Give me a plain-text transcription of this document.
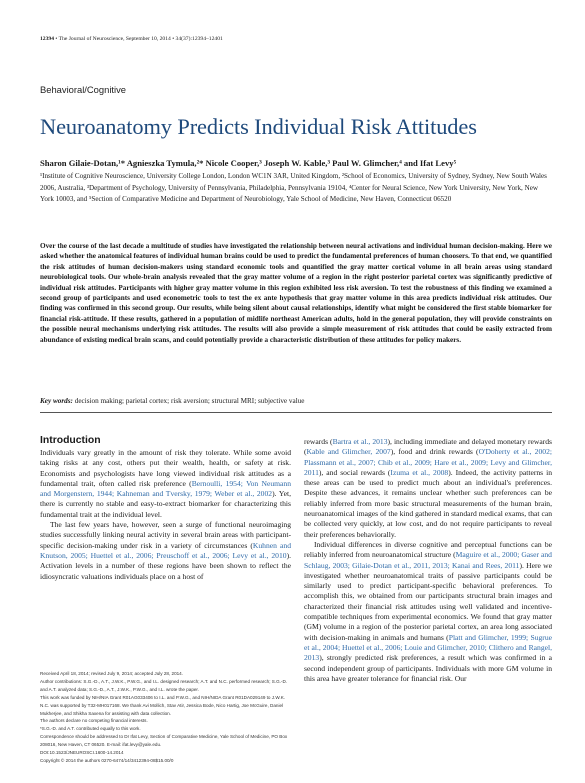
12394 • The Journal of Neuroscience, September 10, 2014 • 34(37):12394–12401
Behavioral/Cognitive
Neuroanatomy Predicts Individual Risk Attitudes
Sharon Gilaie-Dotan,¹* Agnieszka Tymula,²* Nicole Cooper,³ Joseph W. Kable,³ Paul W. Glimcher,⁴ and Ifat Levy⁵
¹Institute of Cognitive Neuroscience, University College London, London WC1N 3AR, United Kingdom, ²School of Economics, University of Sydney, Sydney, New South Wales 2006, Australia, ³Department of Psychology, University of Pennsylvania, Philadelphia, Pennsylvania 19104, ⁴Center for Neural Science, New York University, New York, New York 10003, and ⁵Section of Comparative Medicine and Department of Neurobiology, Yale School of Medicine, New Haven, Connecticut 06520
Over the course of the last decade a multitude of studies have investigated the relationship between neural activations and individual human decision-making. Here we asked whether the anatomical features of individual human brains could be used to predict the fundamental preferences of human choosers. To that end, we quantified the risk attitudes of human decision-makers using standard economic tools and quantified the gray matter cortical volume in all brain areas using standard neurobiological tools. Our whole-brain analysis revealed that the gray matter volume of a region in the right posterior parietal cortex was significantly predictive of individual risk attitudes. Participants with higher gray matter volume in this region exhibited less risk aversion. To test the robustness of this finding we examined a second group of participants and used econometric tools to test the ex ante hypothesis that gray matter volume in this area predicts individual risk attitudes. Our finding was confirmed in this second group. Our results, while being silent about causal relationships, identify what might be considered the first stable biomarker for financial risk-attitude. If these results, gathered in a population of midlife northeast American adults, hold in the general population, they will provide constraints on the possible neural mechanisms underlying risk attitudes. The results will also provide a simple measurement of risk attitudes that could be easily extracted from abundance of existing medical brain scans, and could potentially provide a characteristic distribution of these attitudes for policy makers.
Key words: decision making; parietal cortex; risk aversion; structural MRI; subjective value
Introduction

Individuals vary greatly in the amount of risk they tolerate. While some avoid taking risks at any cost, others put their wealth, health, or safety at risk. Economists and psychologists have long viewed individual risk attitudes as a fundamental trait, often called risk preference (Bernoulli, 1954; Von Neumann and Morgenstern, 1944; Kahneman and Tversky, 1979; Weber et al., 2002). Yet, there is currently no stable and easy-to-extract biomarker for characterizing this fundamental trait at the individual level.

The last few years have, however, seen a surge of functional neuroimaging studies successfully linking neural activity in several brain areas with participant-specific decision-making under risk in a variety of circumstances (Kuhnen and Knutson, 2005; Huettel et al., 2006; Preuschoff et al., 2006; Levy et al., 2010). Activation levels in a number of these regions have been shown to reflect the idiosyncratic valuations individuals place on a host of

Received April 18, 2014; revised July 9, 2014; accepted July 28, 2014.

Author contributions: S.G.-D., A.T., J.W.K., P.W.G., and I.L. designed research; A.T. and N.C. performed research; S.G.-D. and A.T. analyzed data; S.G.-D., A.T., J.W.K., P.W.G., and I.L. wrote the paper.

This work was funded by NIH/NIA Grant R01AG033406 to I.L. and P.W.G., and NIH/NIDA Grant R01DA029149 to J.W.K. N.C. was supported by T32-MH017168. We thank Avi Mollich, Stav Atir, Jessica Bode, Nico Hartig, Joe McGuire, Daniel Mukherjee, and Shikha Saxena for assisting with data collection.

The authors declare no competing financial interests.

*S.G.-D. and A.T. contributed equally to this work.

Correspondence should be addressed to Dr Ifat Levy, Section of Comparative Medicine, Yale School of Medicine, PO Box 208016, New Haven, CT 06520. E-mail: ifat.levy@yale.edu.

DOI:10.1523/JNEUROSCI.1600-14.2014

Copyright © 2014 the authors 0270-6474/14/3412394-08$15.00/0

rewards (Bartra et al., 2013), including immediate and delayed monetary rewards (Kable and Glimcher, 2007), food and drink rewards (O'Doherty et al., 2002; Plassmann et al., 2007; Chib et al., 2009; Hare et al., 2009; Levy and Glimcher, 2011), and social rewards (Izuma et al., 2008). Indeed, the activity patterns in these areas can be used to predict much about an individual's preferences. Despite these advances, it remains unclear whether such preferences can be reliably inferred from more basic structural measurements of the human brain, neuroanatomical images of the kind gathered in standard medical exams, that can be collected very quickly, at low cost, and do not require participants to reveal their preferences behaviorally.

Individual differences in diverse cognitive and perceptual functions can be reliably inferred from neuroanatomical structure (Maguire et al., 2000; Gaser and Schlaug, 2003; Gilaie-Dotan et al., 2011, 2013; Kanai and Rees, 2011). Here we investigated whether neuroanatomical traits of passive participants could be similarly used to predict participant-specific behavioral preferences. To accomplish this, we obtained from our participants structural brain images and characterized their financial risk attitudes using well validated and incentive-compatible techniques from experimental economics. We found that gray matter (GM) volume in a region of the posterior parietal cortex, an area long associated with decision-making in animals and humans (Platt and Glimcher, 1999; Sugrue et al., 2004; Huettel et al., 2006; Louie and Glimcher, 2010; Clithero and Rangel, 2013), strongly predicted risk preferences, a result which was confirmed in a second independent group of participants. Individuals with more GM volume in this area have greater tolerance for financial risk. Our
